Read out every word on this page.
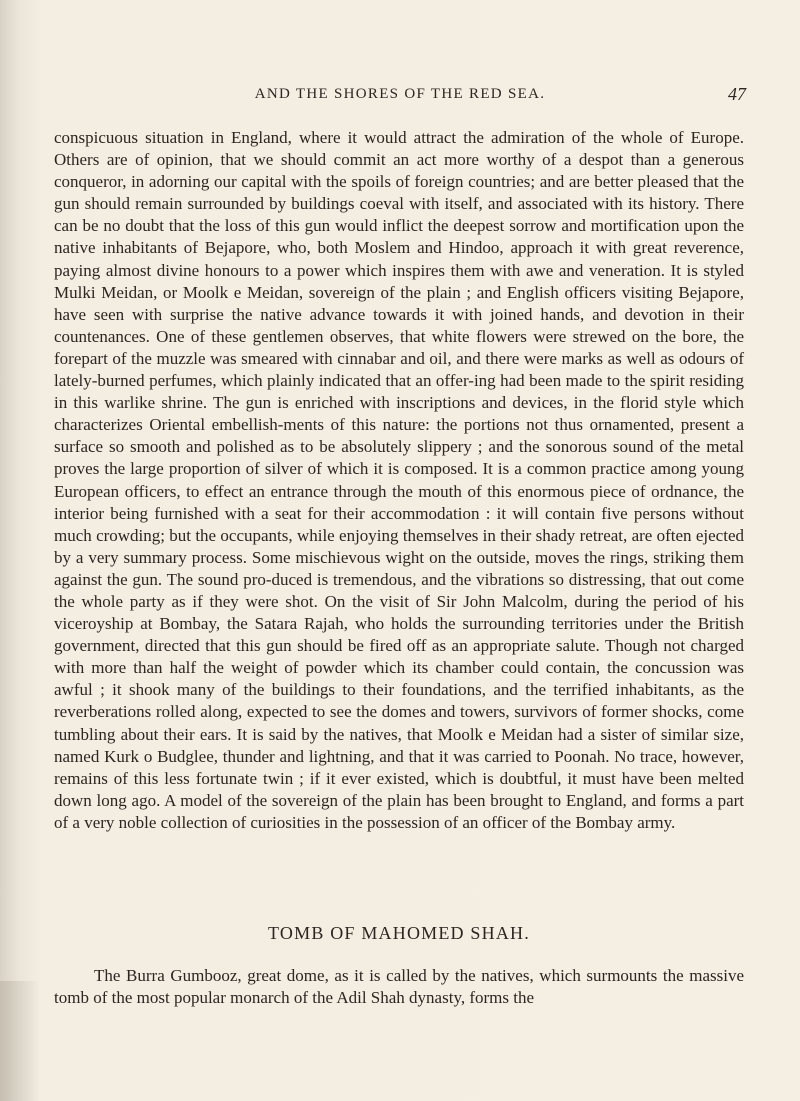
AND THE SHORES OF THE RED SEA.	47

conspicuous situation in England, where it would attract the admiration of the whole of Europe. Others are of opinion, that we should commit an act more worthy of a despot than a generous conqueror, in adorning our capital with the spoils of foreign countries; and are better pleased that the gun should remain surrounded by buildings coeval with itself, and associated with its history. There can be no doubt that the loss of this gun would inflict the deepest sorrow and mortification upon the native inhabitants of Bejapore, who, both Moslem and Hindoo, approach it with great reverence, paying almost divine honours to a power which inspires them with awe and veneration. It is styled Mulki Meidan, or Moolk e Meidan, sovereign of the plain ; and English officers visiting Bejapore, have seen with surprise the native advance towards it with joined hands, and devotion in their countenances. One of these gentlemen observes, that white flowers were strewed on the bore, the forepart of the muzzle was smeared with cinnabar and oil, and there were marks as well as odours of lately-burned perfumes, which plainly indicated that an offer-ing had been made to the spirit residing in this warlike shrine. The gun is enriched with inscriptions and devices, in the florid style which characterizes Oriental embellish-ments of this nature: the portions not thus ornamented, present a surface so smooth and polished as to be absolutely slippery ; and the sonorous sound of the metal proves the large proportion of silver of which it is composed. It is a common practice among young European officers, to effect an entrance through the mouth of this enormous piece of ordnance, the interior being furnished with a seat for their accommodation : it will contain five persons without much crowding; but the occupants, while enjoying themselves in their shady retreat, are often ejected by a very summary process. Some mischievous wight on the outside, moves the rings, striking them against the gun. The sound pro-duced is tremendous, and the vibrations so distressing, that out come the whole party as if they were shot. On the visit of Sir John Malcolm, during the period of his viceroyship at Bombay, the Satara Rajah, who holds the surrounding territories under the British government, directed that this gun should be fired off as an appropriate salute. Though not charged with more than half the weight of powder which its chamber could contain, the concussion was awful ; it shook many of the buildings to their foundations, and the terrified inhabitants, as the reverberations rolled along, expected to see the domes and towers, survivors of former shocks, come tumbling about their ears. It is said by the natives, that Moolk e Meidan had a sister of similar size, named Kurk o Budglee, thunder and lightning, and that it was carried to Poonah. No trace, however, remains of this less fortunate twin ; if it ever existed, which is doubtful, it must have been melted down long ago. A model of the sovereign of the plain has been brought to England, and forms a part of a very noble collection of curiosities in the possession of an officer of the Bombay army.

TOMB OF MAHOMED SHAH.

The Burra Gumbooz, great dome, as it is called by the natives, which surmounts the massive tomb of the most popular monarch of the Adil Shah dynasty, forms the
